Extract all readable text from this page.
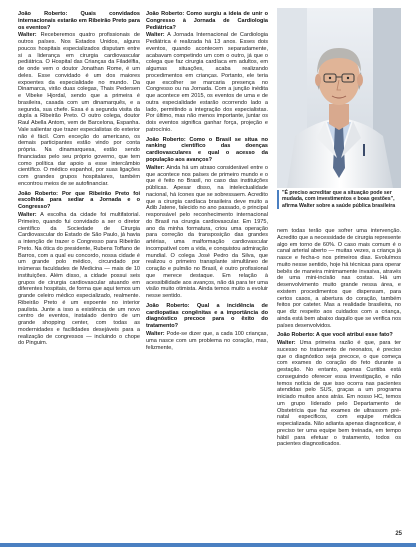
João Roberto: Quais convidados internacionais estarão em Ribeirão Preto para os eventos?

Walter: Receberemos quatro profissionais de outros países. Nos Estados Unidos, alguns poucos hospitais especializados disputam entre si a liderança em cirurgia cardiovascular pediátrica. O Hospital das Crianças da Filadélfia, de onde vem o doutor Jonathan Rome, é um deles. Esse convidado é um dos maiores expoentes da especialidade no mundo. Da Dinamarca, virão duas colegas, Thais Pedersen e Vibeke Hjordal, sendo que a primeira é brasileira, casada com um dinamarquês, e a segunda, sua chefe. Essa é a segunda visita da dupla a Ribeirão Preto. O outro colega, doutor Raul Abella Antom, vem de Barcelona, Espanha. Vale salientar que trazer especialistas do exterior não é fácil. Com exceção do americano, os demais participantes estão vindo por conta própria. Na dinamarquesa, estão sendo financiadas pelo seu próprio governo, que tem como política dar apoio a esse intercâmbio científico. O médico espanhol, por suas ligações com grandes grupos hospitalares, também encontrou meios de se autofinanciar.

João Roberto: Por que Ribeirão Preto foi escolhida para sediar a Jornada e o Congresso?

Walter: A escolha da cidade foi multifatorial. Primeiro, quando fui convidado a ser o diretor científico da Sociedade de Cirurgia Cardiovascular do Estado de São Paulo, já havia a intenção de trazer o Congresso para Ribeirão Preto. Na ótica do presidente, Rubens Toffano de Barros, com a qual eu concordo, nossa cidade é um grande polo médico, circundado por inúmeras faculdades de Medicina — mais de 10 instituições. Além disso, a cidade possui seis grupos de cirurgia cardiovascular atuando em diferentes hospitais, de forma que aqui temos um grande celeiro médico especializado, realmente. Ribeirão Preto é um expoente no interior paulista. Junte a isso a existência de um novo centro de eventos, instalado dentro de um grande shopping center, com todas as modernidades e facilidades desejáveis para a realização de congressos — incluindo o chope do Pinguim.

João Roberto: Como surgiu a ideia de unir o Congresso à Jornada de Cardiologia Pediátrica?

Walter: A Jornada Internacional de Cardiologia Pediátrica é realizada há 13 anos. Esses dois eventos, quando acontecem separadamente, acabavam competindo um com o outro, já que o colega que faz cirurgia cardíaca em adultos, em algumas situações, acaba realizando procedimentos em crianças. Portanto, ele teria que escolher se marcaria presença no Congresso ou na Jornada. Com a junção inédita que acontece em 2015, os eventos de uma e de outra especialidade estarão ocorrendo lado a lado, permitindo a integração dos especialistas. Por último, mas não menos importante, juntar os dois eventos significa ganhar força, projeção e patrocínio.

João Roberto: Como o Brasil se situa no ranking científico das doenças cardiovasculares e qual o acesso da população aos avanços?

Walter: Ainda há um atraso considerável entre o que acontece nos países de primeiro mundo e o que é feito no Brasil, no caso das instituições públicas. Apesar disso, na intelectualidade nacional, há ícones que se sobressaem. Acredito que a cirurgia cardíaca brasileira deve muito a Adib Jatene, falecido no ano passado, o principal responsável pelo reconhecimento internacional do Brasil na cirurgia cardiovascular. Em 1975, ano da minha formatura, criou uma operação para correção da transposição das grandes artérias, uma malformação cardiovascular incompatível com a vida, e conquistou admiração mundial. O colega José Pedro da Silva, que realizou o primeiro transplante simultâneo de coração e pulmão no Brasil, é outro profissional que merece destaque. Em relação à acessibilidade aos avanços, não dá para ter uma visão muito otimista. Ainda temos muito a evoluir nesse sentido.

João Roberto: Qual a incidência de cardiopatias congênitas e a importância do diagnóstico precoce para o êxito do tratamento?

Walter: Pode-se dizer que, a cada 100 crianças, uma nasce com um problema no coração, mas, felizmente,

"É preciso acreditar que a situação pode ser
mudada, com investimentos e boas gestões",
afirma Walter sobre a saúde pública brasileira

nem todas terão que sofrer uma intervenção. Acredito que a necessidade de cirurgia represente algo em torno de 60%. O caso mais comum é o canal arterial aberto — muitas vezes, a criança já nasce e fecha-o nos primeiros dias. Evoluímos muito nesse sentido, hoje há técnicas para operar bebês de maneira minimamente invasiva, através de uma mini-incisão nas costas. Há um desenvolvimento muito grande nessa área, e existem procedimentos que dispensam, para certos casos, a abertura do coração, também feitos por cateter. Mas a realidade brasileira, no que diz respeito aos cuidados com a criança, ainda está bem abaixo daquilo que se verifica nos países desenvolvidos.

João Roberto: A que você atribui esse fato?

Walter: Uma primeira razão é que, para ter sucesso no tratamento de neonatos, é preciso que o diagnóstico seja precoce, o que começa com exames do coração do feto durante a gestação. No entanto, apenas Curitiba está conseguindo oferecer essa investigação, e não temos notícia de que isso ocorra nas pacientes atendidas pelo SUS, graças a um programa iniciado muitos anos atrás. Em nosso HC, temos um grupo liderado pelo Departamento de Obstetrícia que faz exames de ultrassom pré-natal especificos, com equipe médica especializada. Não adianta apenas diagnosticar, é preciso ter uma equipe bem treinada, em tempo hábil para efetuar o tratamento, todos os pacientes diagnosticados.

25
